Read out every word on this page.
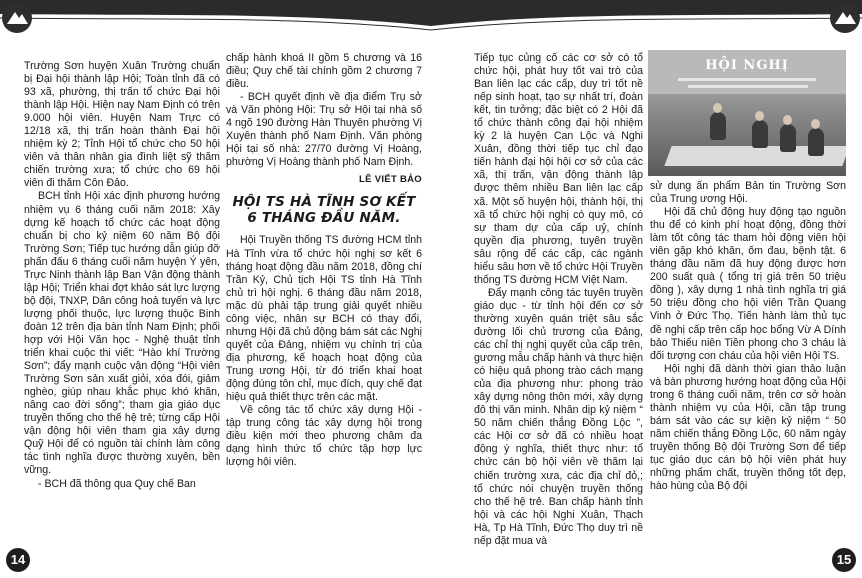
Trường Sơn huyện Xuân Trường chuẩn bị Đại hội thành lập Hội; Toàn tỉnh đã có 93 xã, phường, thị trấn tổ chức Đại hội thành lập Hội. Hiện nay Nam Định có trên 9.000 hội viên. Huyện Nam Trực có 12/18 xã, thị trấn hoàn thành Đại hội nhiệm kỳ 2; Tỉnh Hội tổ chức cho 50 hội viên và thân nhân gia đình liệt sỹ thăm chiến trường xưa; tổ chức cho 69 hội viên đi thăm Côn Đảo.

BCH tỉnh Hội xác định phương hướng nhiệm vụ 6 tháng cuối năm 2018: Xây dựng kế hoạch tổ chức các hoạt động chuẩn bị cho kỷ niệm 60 năm Bộ đội Trường Sơn; Tiếp tục hướng dẫn giúp đỡ phấn đấu 6 tháng cuối năm huyện Ý yên, Trực Ninh thành lập Ban Vận động thành lập Hội; Triển khai đợt khảo sát lực lượng bộ đội, TNXP, Dân công hoả tuyến và lực lượng phối thuộc, lực lượng thuộc Binh đoàn 12 trên địa bàn tỉnh Nam Định; phối hợp với Hội Văn học - Nghệ thuật tỉnh triển khai cuộc thi viết: “Hào khí Trường Sơn”; đẩy mạnh cuộc vận động “Hội viên Trường Sơn sản xuất giỏi, xóa đói, giảm nghèo, giúp nhau khắc phục khó khăn, nâng cao đời sống”; tham gia giáo dục truyền thống cho thế hệ trẻ; từng cấp Hội vận động hội viên tham gia xây dựng Quỹ Hội để có nguồn tài chính làm công tác tình nghĩa được thường xuyên, bền vững.

- BCH đã thông qua Quy chế Ban

chấp hành khoá II gồm 5 chương và 16 điều; Quy chế tài chính gồm 2 chương 7 điều.

- BCH quyết định về địa điểm Trụ sở và Văn phòng Hội: Trụ sở Hội tại nhà số 4 ngõ 190 đường Hàn Thuyên phường Vị Xuyên thành phố Nam Định. Văn phòng Hội tại số nhà: 27/70 đường Vị Hoàng, phường Vị Hoàng thành phố Nam Định.

LÊ VIẾT BẢO
HỘI TS HÀ TĨNH SƠ KẾT 6 THÁNG ĐẦU NĂM.

Hội Truyền thống TS đường HCM tỉnh Hà Tĩnh vừa tổ chức hội nghị sơ kết 6 tháng hoạt động đầu năm 2018, đồng chí Trần Kỷ, Chủ tịch Hội TS tỉnh Hà Tĩnh chủ trì hội nghị. 6 tháng đầu năm 2018, mặc dù phải tập trung giải quyết nhiều công việc, nhân sự BCH có thay đổi, nhưng Hội đã chủ động bám sát các Nghị quyết của Đảng, nhiệm vụ chính trị của địa phương, kế hoạch hoạt động của Trung ương Hội, từ đó triển khai hoạt động đúng tôn chỉ, mục đích, quy chế đạt hiệu quả thiết thực trên các mặt.

Về công tác tổ chức xây dựng Hội - tập trung công tác xây dựng hội trong điều kiện mới theo phương châm đa dạng hình thức tổ chức tập hợp lực lượng hội viên.

Tiếp tục củng cố các cơ sở có tổ chức hội, phát huy tốt vai trò của Ban liên lạc các cấp, duy trì tốt nề nếp sinh hoạt, tạo sự nhất trí, đoàn kết, tin tưởng; đặc biệt có 2 Hội đã tổ chức thành công đại hội nhiệm kỳ 2 là huyện Can Lộc và Nghi Xuân, đồng thời tiếp tục chỉ đạo tiến hành đại hội hội cơ sở của các xã, thị trấn, vận động thành lập được thêm nhiều Ban liên lạc cấp xã. Một số huyện hội, thành hội, thị xã tổ chức hội nghị có quy mô, có sự tham dự của cấp uỷ, chính quyền địa phương, tuyên truyền sâu rộng để các cấp, các ngành hiểu sâu hơn về tổ chức Hội Truyền thống TS đường HCM Việt Nam.

Đẩy mạnh công tác tuyên truyền giáo dục - từ tỉnh hội đến cơ sở thường xuyên quán triệt sâu sắc đường lối chủ trương của Đảng, các chỉ thị nghị quyết của cấp trên, gương mẫu chấp hành và thực hiện có hiệu quả phong trào cách mạng của địa phương như: phong trào xây dựng nông thôn mới, xây dựng đô thị văn minh. Nhân dịp kỷ niệm “ 50 năm chiến thắng Đồng Lộc ”, các Hội cơ sở đã có nhiều hoạt động ý nghĩa, thiết thực như: tổ chức cán bộ hội viên về thăm lại chiến trường xưa, các địa chỉ đỏ,; tổ chức nói chuyện truyền thống cho thế hệ trẻ. Ban chấp hành tỉnh hội và các hội Nghi Xuân, Thạch Hà, Tp Hà Tĩnh, Đức Thọ duy trì nề nếp đặt mua và

HỘI NGHỊ

sử dụng ấn phẩm Bản tin Trường Sơn của Trung ương Hội.

Hội đã chủ động huy động tạo nguồn thu để có kinh phí hoạt động, đồng thời làm tốt công tác tham hỏi động viên hội viên gặp khó khăn, ốm đau, bệnh tật. 6 tháng đầu năm đã huy động được hơn 200 suất quà ( tổng trị giá trên 50 triệu đồng ), xây dựng 1 nhà tình nghĩa trị giá 50 triệu đồng cho hội viên Trần Quang Vinh ở Đức Thọ. Tiến hành làm thủ tục đề nghị cấp trên cấp học bổng Vừ A Dính bảo Thiếu niên Tiền phong cho 3 cháu là đối tượng con cháu của hội viên Hội TS.

Hội nghị đã dành thời gian thảo luận và bàn phương hướng hoạt động của Hội trong 6 tháng cuối năm, trên cơ sở hoàn thành nhiệm vụ của Hội, cần tập trung bám sát vào các sự kiện kỷ niệm “ 50 năm chiến thắng Đồng Lộc, 60 năm ngày truyền thống Bộ đội Trường Sơn để tiếp tục giáo dục cán bộ hội viên phát huy những phẩm chất, truyền thống tốt đẹp, hào hùng của Bộ đội

14	15
